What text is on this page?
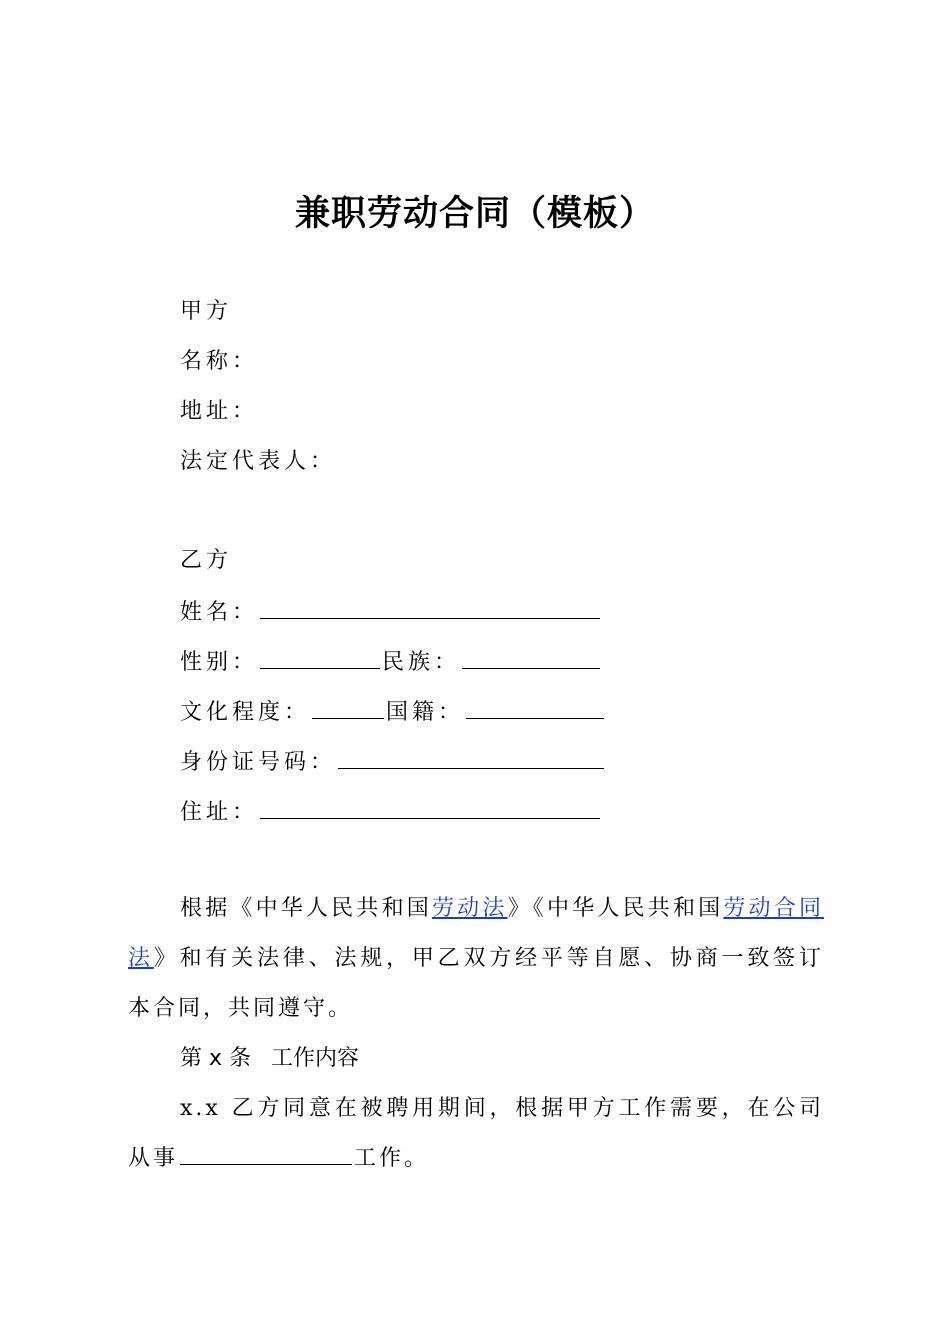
兼职劳动合同（模板）
甲方
名称：
地址：
法定代表人：
乙方
姓名：
性别：	民族：
文化程度：	国籍：
身份证号码：
住址：
根据《中华人民共和国劳动法》《中华人民共和国劳动合同法》和有关法律、法规，甲乙双方经平等自愿、协商一致签订本合同，共同遵守。
第 x 条 工作内容
x.x 乙方同意在被聘用期间，根据甲方工作需要，在公司从事	工作。
